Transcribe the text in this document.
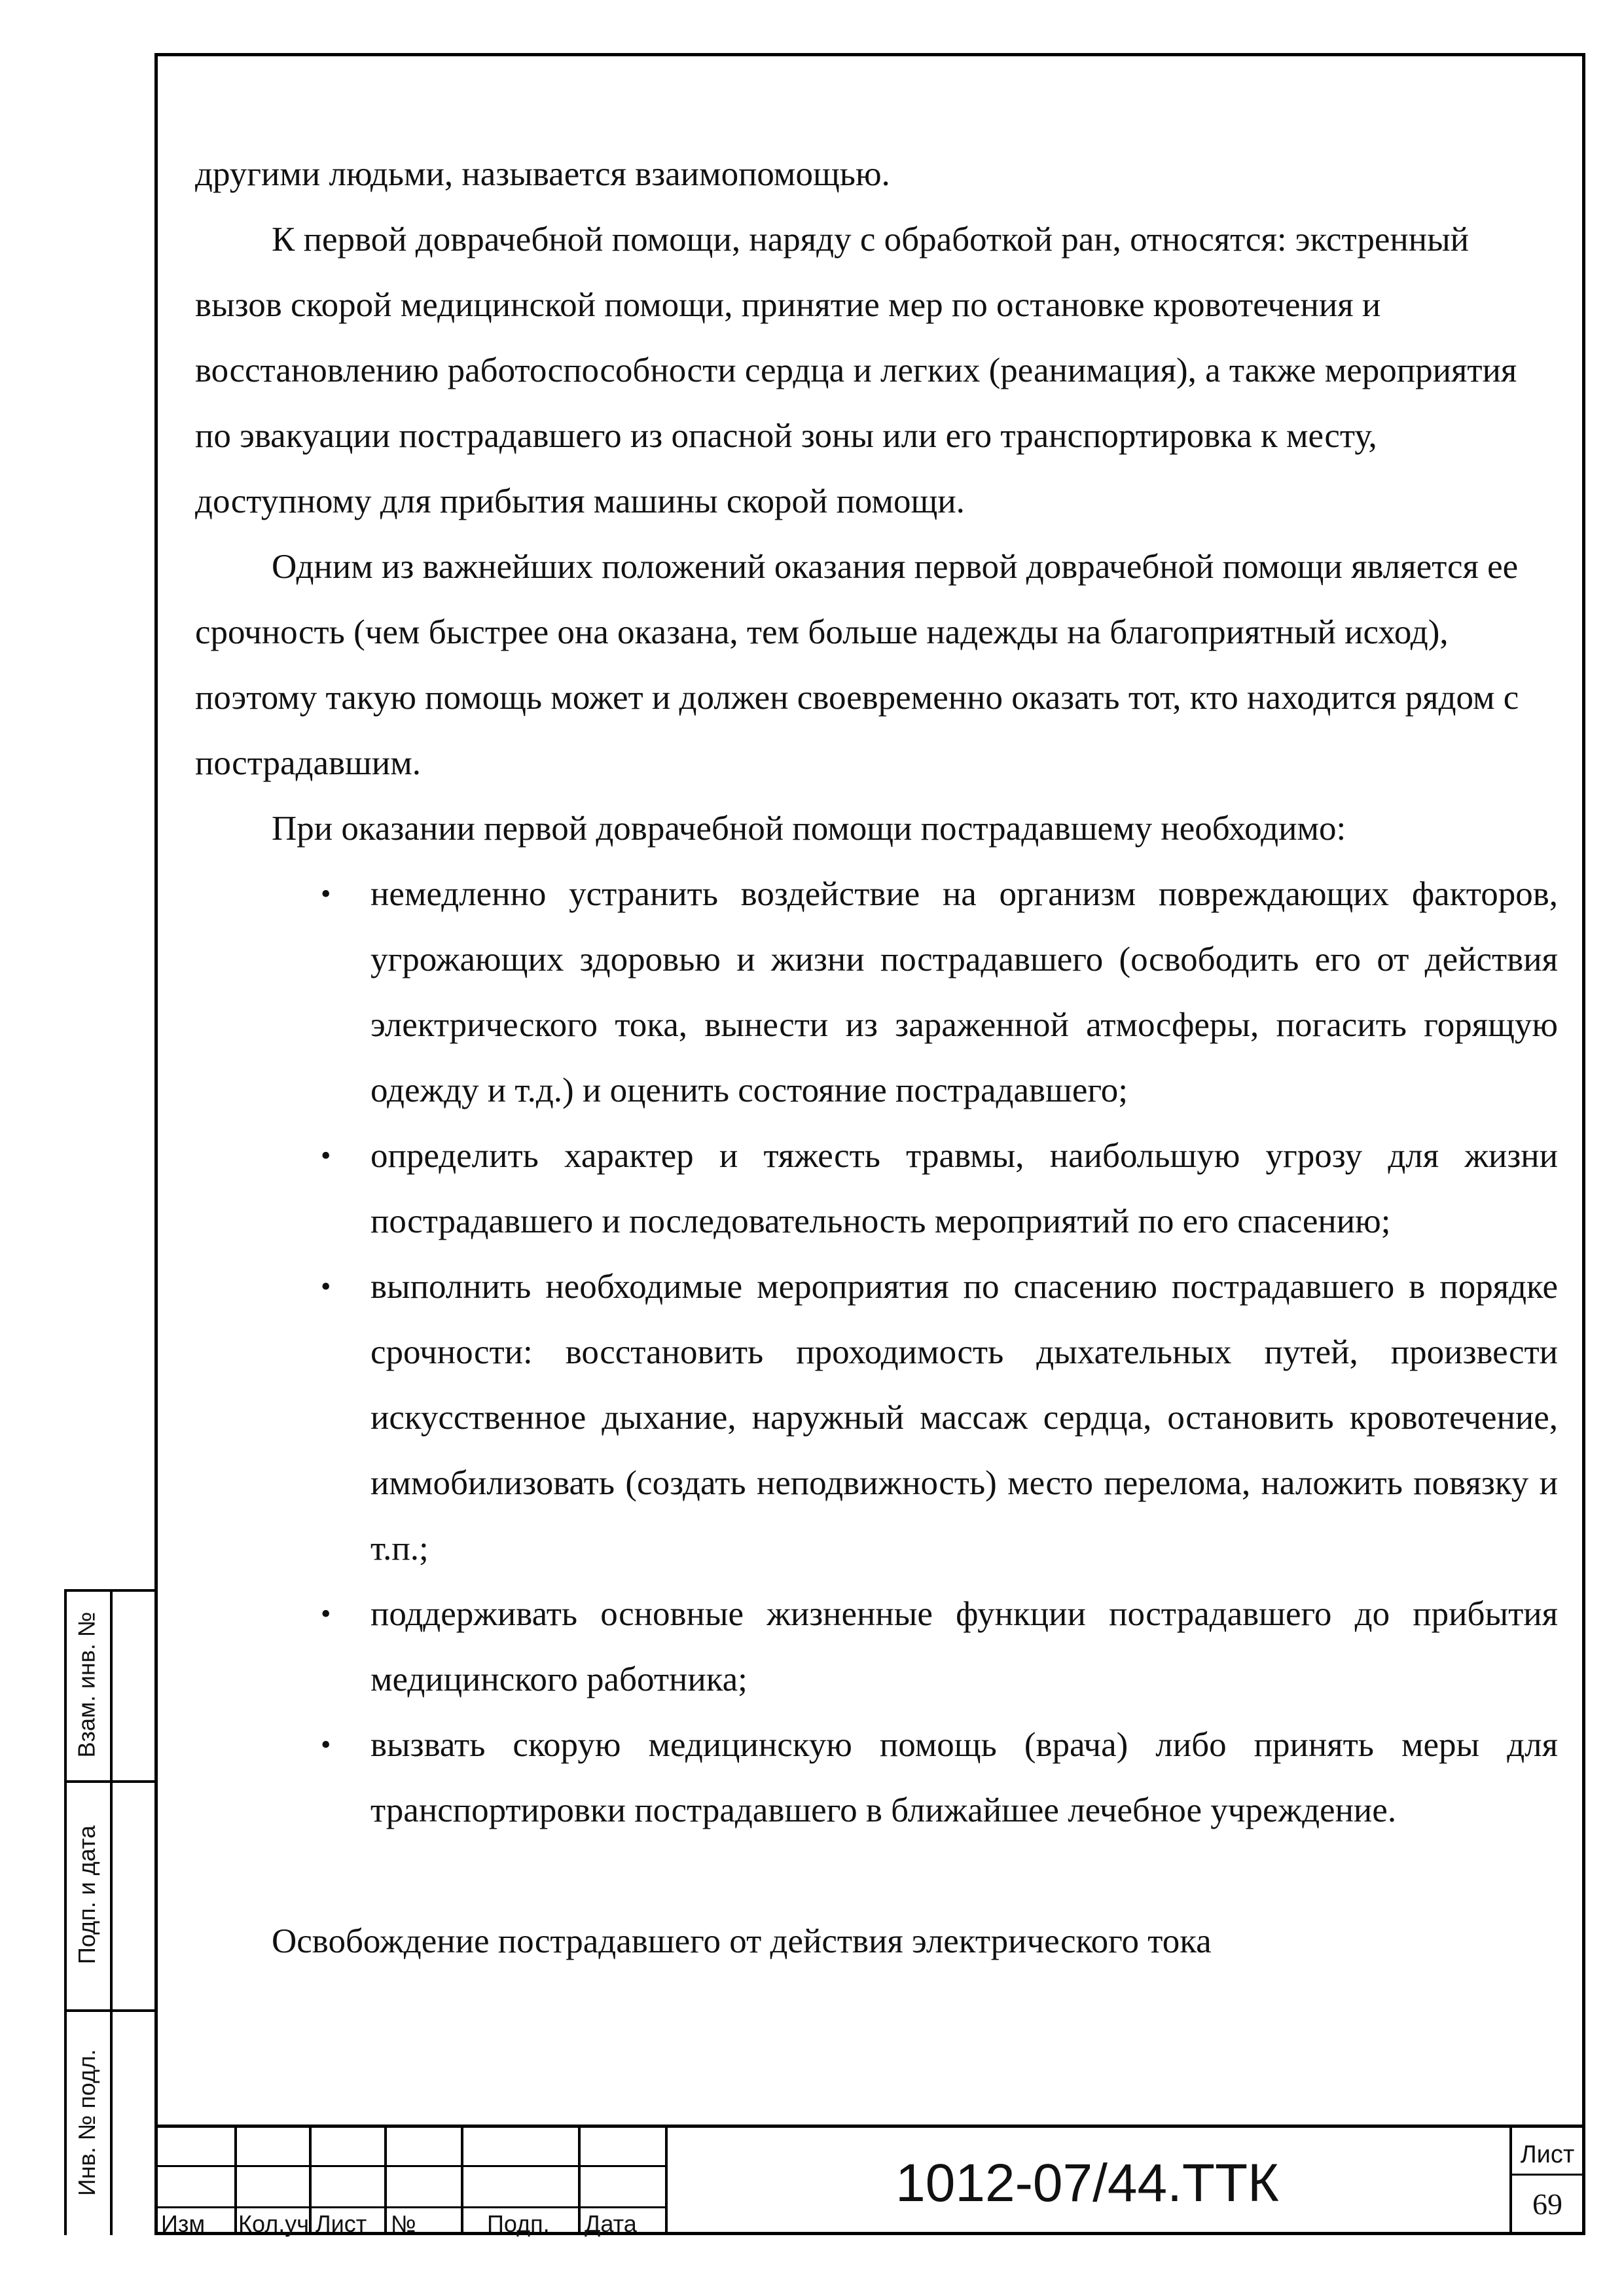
другими людьми, называется взаимопомощью.

К первой доврачебной помощи, наряду с обработкой ран, относятся: экстренный вызов скорой медицинской помощи, принятие мер по остановке кровотечения и восстановлению работоспособности сердца и легких (реанимация), а также мероприятия по эвакуации пострадавшего из опасной зоны или его транспортировка к месту, доступному для прибытия машины скорой помощи.

Одним из важнейших положений оказания первой доврачебной помощи является ее срочность (чем быстрее она оказана, тем больше надежды на благоприятный исход), поэтому такую помощь может и должен своевременно оказать тот, кто находится рядом с пострадавшим.

При оказании первой доврачебной помощи пострадавшему необходимо:

•	немедленно устранить воздействие на организм повреждающих факторов, угрожающих здоровью и жизни пострадавшего (освободить его от действия электрического тока, вынести из зараженной атмосферы, погасить горящую одежду и т.д.) и оценить состояние пострадавшего;
•	определить характер и тяжесть травмы, наибольшую угрозу для жизни пострадавшего и последовательность мероприятий по его спасению;
•	выполнить необходимые мероприятия по спасению пострадавшего в порядке срочности: восстановить проходимость дыхательных путей, произвести искусственное дыхание, наружный массаж сердца, остановить кровотечение, иммобилизовать (создать неподвижность) место перелома, наложить повязку и т.п.;
•	поддерживать основные жизненные функции пострадавшего до прибытия медицинского работника;
•	вызвать скорую медицинскую помощь (врача) либо принять меры для транспортировки пострадавшего в ближайшее лечебное учреждение.

Освобождение пострадавшего от действия электрического тока

Взам. инв. №
Подп. и дата
Инв. № подл.
Изм	Кол.уч Лист	№	Подп.	Дата
1012-07/44.ТТК	Лист
69
